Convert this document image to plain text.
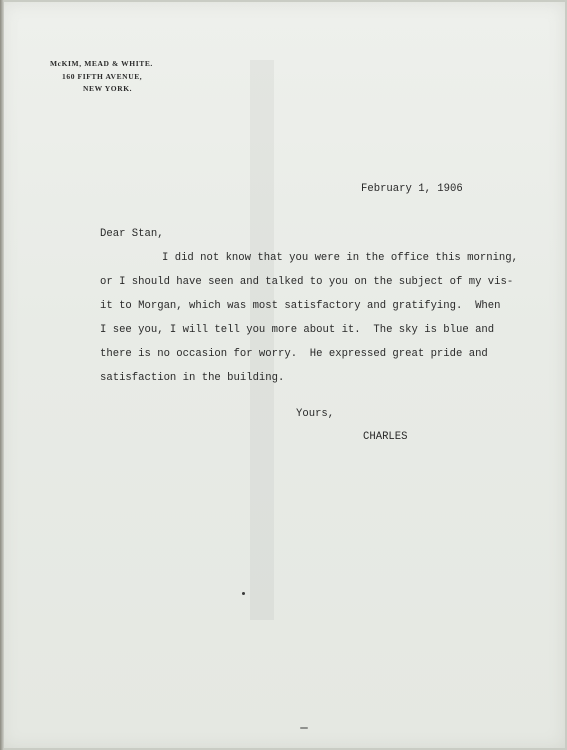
McKIM, MEAD & WHITE.
160 FIFTH AVENUE,
NEW YORK.
February 1, 1906
Dear Stan,
I did not know that you were in the office this morning,
or I should have seen and talked to you on the subject of my vis-
it to Morgan, which was most satisfactory and gratifying.  When
I see you, I will tell you more about it.  The sky is blue and
there is no occasion for worry.  He expressed great pride and
satisfaction in the building.
Yours,
CHARLES
